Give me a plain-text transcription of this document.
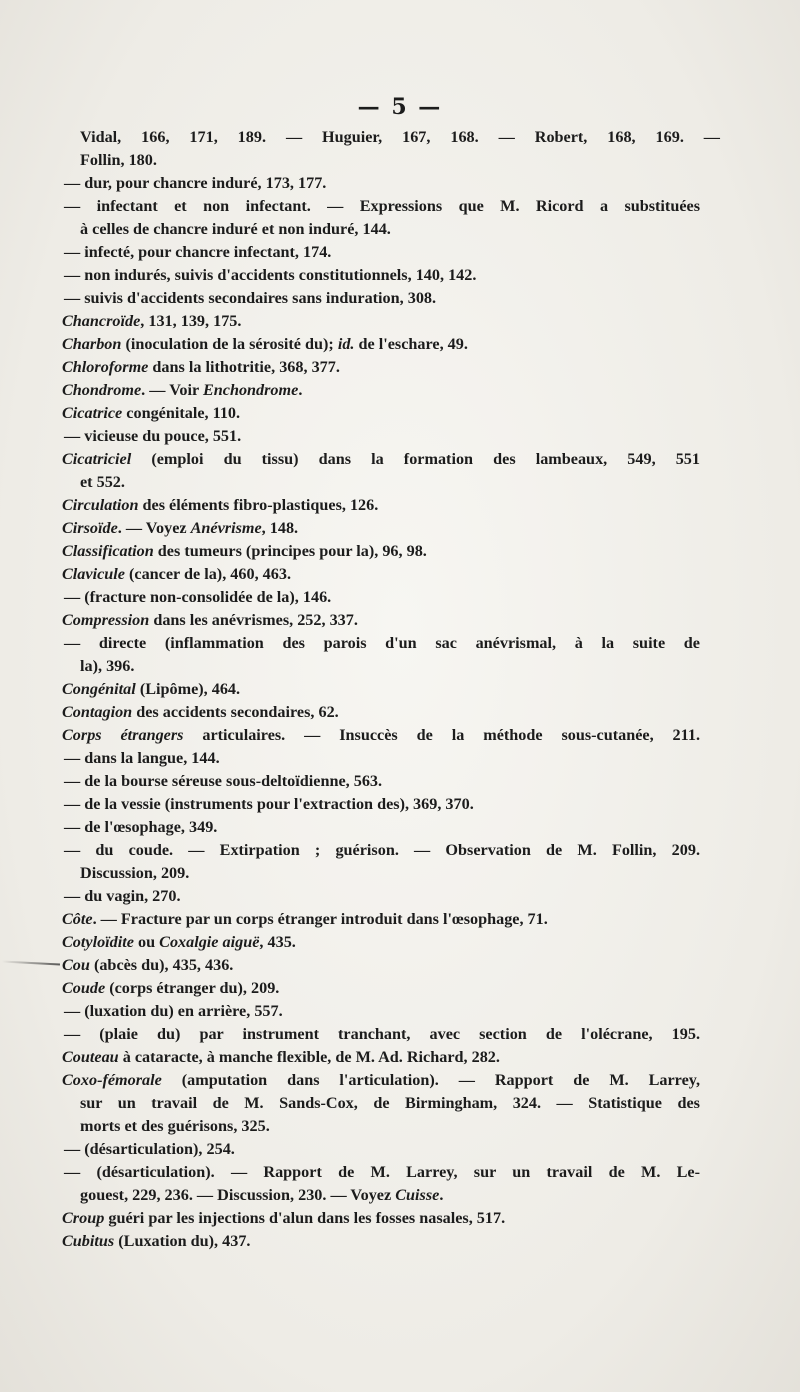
— 5 —
Vidal, 166, 171, 189. — Huguier, 167, 168. — Robert, 168, 169. —
Follin, 180.
— dur, pour chancre induré, 173, 177.
— infectant et non infectant. — Expressions que M. Ricord a substituées
à celles de chancre induré et non induré, 144.
— infecté, pour chancre infectant, 174.
— non indurés, suivis d'accidents constitutionnels, 140, 142.
— suivis d'accidents secondaires sans induration, 308.
Chancroïde, 131, 139, 175.
Charbon (inoculation de la sérosité du); id. de l'eschare, 49.
Chloroforme dans la lithotritie, 368, 377.
Chondrome. — Voir Enchondrome.
Cicatrice congénitale, 110.
— vicieuse du pouce, 551.
Cicatriciel (emploi du tissu) dans la formation des lambeaux, 549, 551
et 552.
Circulation des éléments fibro-plastiques, 126.
Cirsoïde. — Voyez Anévrisme, 148.
Classification des tumeurs (principes pour la), 96, 98.
Clavicule (cancer de la), 460, 463.
— (fracture non-consolidée de la), 146.
Compression dans les anévrismes, 252, 337.
— directe (inflammation des parois d'un sac anévrismal, à la suite de
la), 396.
Congénital (Lipôme), 464.
Contagion des accidents secondaires, 62.
Corps étrangers articulaires. — Insuccès de la méthode sous-cutanée, 211.
— dans la langue, 144.
— de la bourse séreuse sous-deltoïdienne, 563.
— de la vessie (instruments pour l'extraction des), 369, 370.
— de l'œsophage, 349.
— du coude. — Extirpation ; guérison. — Observation de M. Follin, 209.
Discussion, 209.
— du vagin, 270.
Côte. — Fracture par un corps étranger introduit dans l'œsophage, 71.
Cotyloïdite ou Coxalgie aiguë, 435.
Cou (abcès du), 435, 436.
Coude (corps étranger du), 209.
— (luxation du) en arrière, 557.
— (plaie du) par instrument tranchant, avec section de l'olécrane, 195.
Couteau à cataracte, à manche flexible, de M. Ad. Richard, 282.
Coxo-fémorale (amputation dans l'articulation). — Rapport de M. Larrey,
sur un travail de M. Sands-Cox, de Birmingham, 324. — Statistique des
morts et des guérisons, 325.
— (désarticulation), 254.
— (désarticulation). — Rapport de M. Larrey, sur un travail de M. Le-
gouest, 229, 236. — Discussion, 230. — Voyez Cuisse.
Croup guéri par les injections d'alun dans les fosses nasales, 517.
Cubitus (Luxation du), 437.
